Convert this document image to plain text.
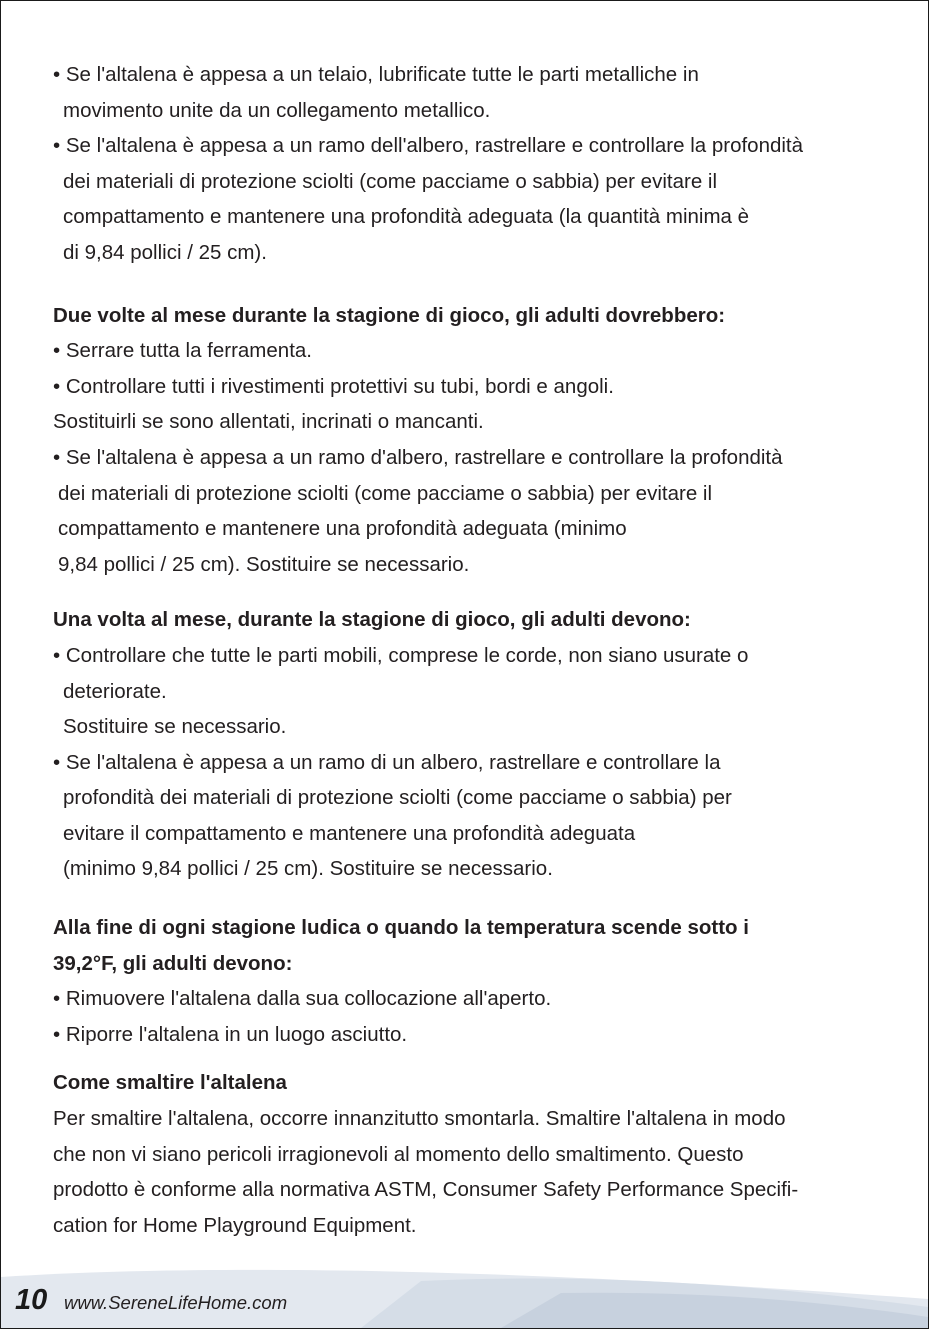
• Se l'altalena è appesa a un telaio, lubrificate tutte le parti metalliche in
movimento unite da un collegamento metallico.
• Se l'altalena è appesa a un ramo dell'albero, rastrellare e controllare la profondità
dei materiali di protezione sciolti (come pacciame o sabbia) per evitare il
compattamento e mantenere una profondità adeguata (la quantità minima è
di 9,84 pollici / 25 cm).
Due volte al mese durante la stagione di gioco, gli adulti dovrebbero:
• Serrare tutta la ferramenta.
• Controllare tutti i rivestimenti protettivi su tubi, bordi e angoli.
Sostituirli se sono allentati, incrinati o mancanti.
• Se l'altalena è appesa a un ramo d'albero, rastrellare e controllare la profondità
dei materiali di protezione sciolti (come pacciame o sabbia) per evitare il
compattamento e mantenere una profondità adeguata (minimo
9,84 pollici / 25 cm). Sostituire se necessario.
Una volta al mese, durante la stagione di gioco, gli adulti devono:
• Controllare che tutte le parti mobili, comprese le corde, non siano usurate o
deteriorate.
Sostituire se necessario.
• Se l'altalena è appesa a un ramo di un albero, rastrellare e controllare la
profondità dei materiali di protezione sciolti (come pacciame o sabbia) per
evitare il compattamento e mantenere una profondità adeguata
(minimo 9,84 pollici / 25 cm). Sostituire se necessario.
Alla fine di ogni stagione ludica o quando la temperatura scende sotto i
39,2°F, gli adulti devono:
• Rimuovere l'altalena dalla sua collocazione all'aperto.
• Riporre l'altalena in un luogo asciutto.
Come smaltire l'altalena
Per smaltire l'altalena, occorre innanzitutto smontarla. Smaltire l'altalena in modo
che non vi siano pericoli irragionevoli al momento dello smaltimento. Questo
prodotto è conforme alla normativa ASTM, Consumer Safety Performance Specifi-
cation for Home Playground Equipment.
10 www.SereneLifeHome.com
